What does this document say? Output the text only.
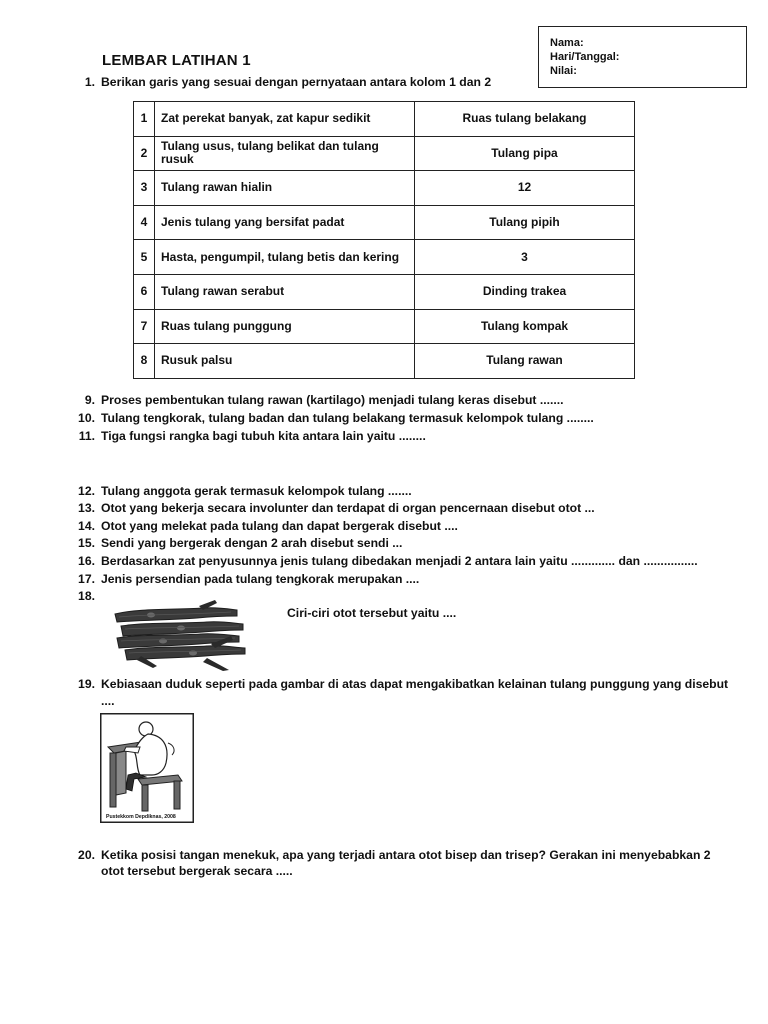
Nama:
Hari/Tanggal:
Nilai:
LEMBAR LATIHAN 1
1. Berikan garis yang sesuai dengan pernyataan antara kolom 1 dan 2
1	Zat perekat banyak, zat kapur sedikit	Ruas tulang belakang
2	Tulang usus, tulang belikat dan tulang rusuk	Tulang pipa
3	Tulang rawan hialin	12
4	Jenis tulang yang bersifat padat	Tulang pipih
5	Hasta, pengumpil, tulang betis dan kering	3
6	Tulang rawan serabut	Dinding trakea
7	Ruas tulang punggung	Tulang kompak
8	Rusuk palsu	Tulang rawan
9. Proses pembentukan tulang rawan (kartilago) menjadi tulang keras disebut .......
10. Tulang tengkorak, tulang badan dan tulang belakang termasuk kelompok tulang ........
11. Tiga fungsi rangka bagi tubuh kita antara lain yaitu ........
12. Tulang anggota gerak termasuk kelompok tulang .......
13. Otot yang bekerja secara involunter dan terdapat di organ pencernaan disebut otot ...
14. Otot yang melekat pada tulang dan dapat bergerak disebut ....
15. Sendi yang bergerak dengan 2 arah disebut sendi ...
16. Berdasarkan zat penyusunnya jenis tulang dibedakan menjadi 2 antara lain yaitu ............. dan ................
17. Jenis persendian pada tulang tengkorak merupakan ....
18.
Ciri-ciri otot tersebut yaitu ....
19. Kebiasaan duduk seperti pada gambar di atas dapat mengakibatkan kelainan tulang punggung yang disebut
....
Pustekkom Depdiknas, 2008
20. Ketika posisi tangan menekuk, apa yang terjadi antara otot bisep dan trisep? Gerakan ini menyebabkan 2
otot tersebut bergerak secara .....
